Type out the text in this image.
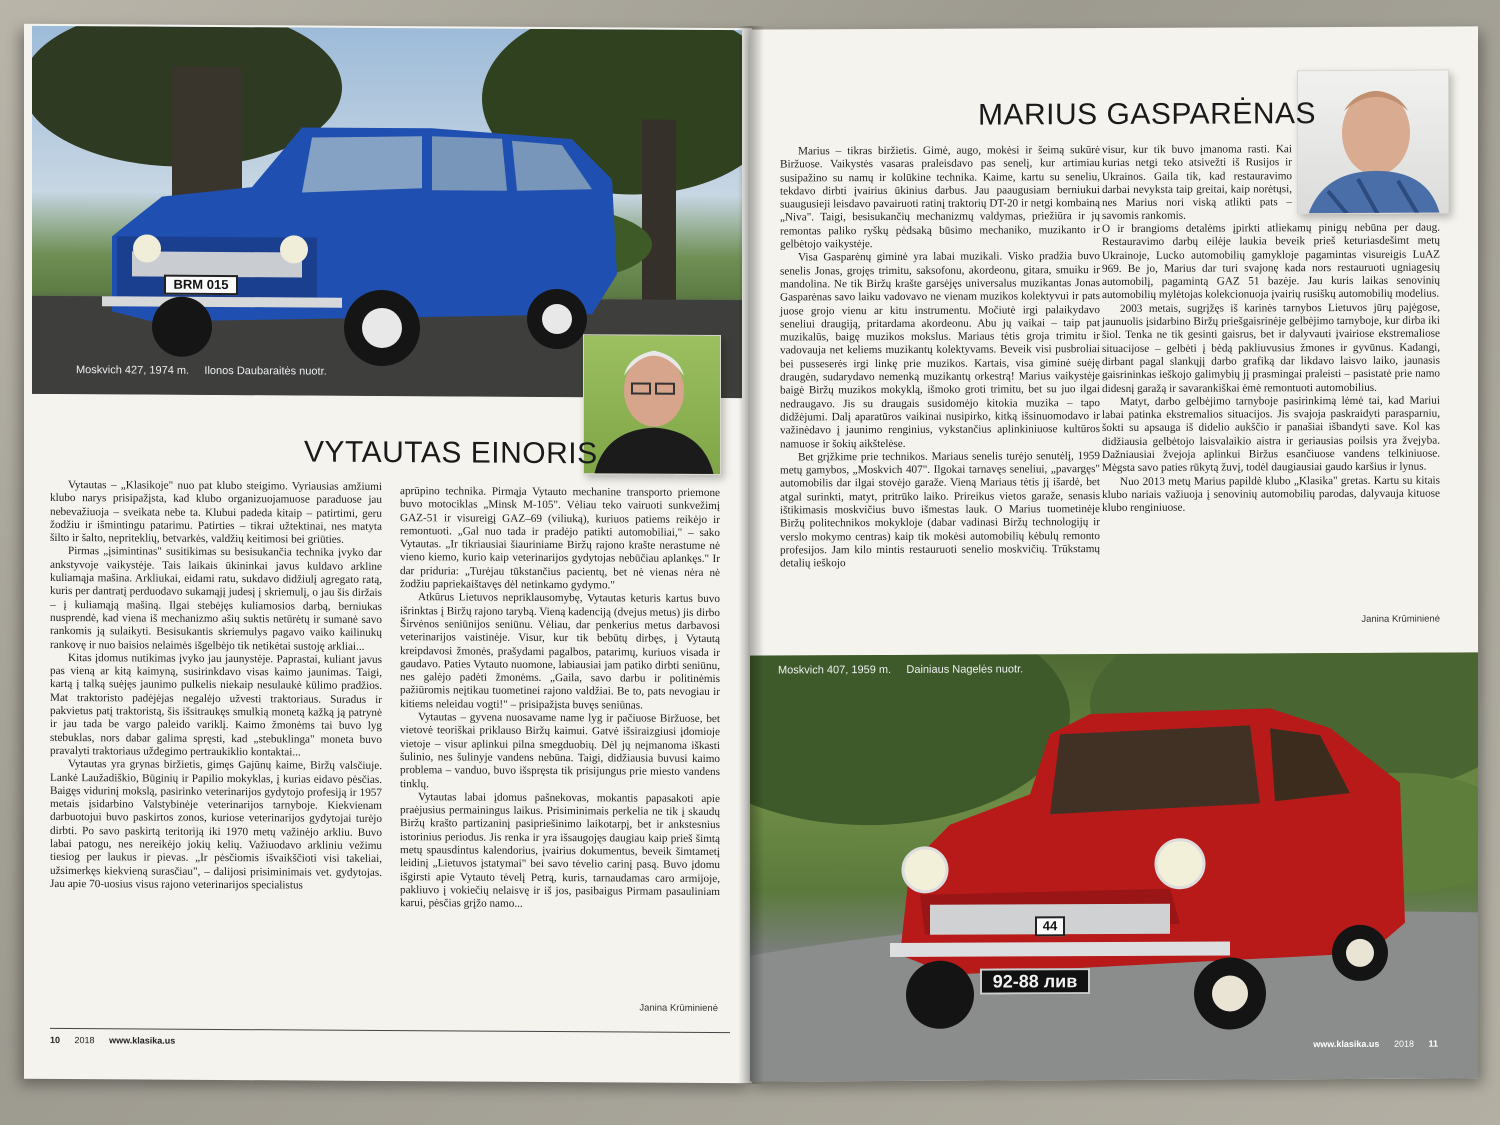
BRM 015
Moskvich 427, 1974 m. Ilonos Daubaraitės nuotr.
VYTAUTAS EINORIS

Vytautas – „Klasikoje" nuo pat klubo steigimo. Vyriausias amžiumi klubo narys prisipažįsta, kad klubo organizuojamuose paraduose jau nebevažiuoja – sveikata nebe ta. Klubui padeda kitaip – patirtimi, geru žodžiu ir išmintingu patarimu. Patirties – tikrai užtektinai, nes matyta šilto ir šalto, nepriteklių, betvarkės, valdžių keitimosi bei griūties.

Pirmas „įsimintinas" susitikimas su besisukančia technika įvyko dar ankstyvoje vaikystėje. Tais laikais ūkininkai javus kuldavo arkline kuliamąja mašina. Arkliukai, eidami ratu, sukdavo didžiulį agregato ratą, kuris per dantratį perduodavo sukamąjį judesį į skriemulį, o jau šis diržais – į kuliamąją mašiną. Ilgai stebėjęs kuliamosios darbą, berniukas nusprendė, kad viena iš mechanizmo ašių suktis netūrėtų ir sumanė savo rankomis ją sulaikyti. Besisukantis skriemulys pagavo vaiko kailinukų rankovę ir nuo baisios nelaimės išgelbėjo tik netikėtai sustoję arkliai...

Kitas įdomus nutikimas įvyko jau jaunystėje. Paprastai, kuliant javus pas vieną ar kitą kaimyną, susirinkdavo visas kaimo jaunimas. Taigi, kartą į talką suėjęs jaunimo pulkelis niekaip nesulaukė kūlimo pradžios. Mat traktoristo padėjėjas negalėjo užvesti traktoriaus. Suradus ir pakvietus patį traktoristą, šis išsitraukęs smulkią monetą kažką ją patrynė ir jau tada be vargo paleido variklį. Kaimo žmonėms tai buvo lyg stebuklas, nors dabar galima spręsti, kad „stebuklinga" moneta buvo pravalyti traktoriaus uždegimo pertraukiklio kontaktai...

Vytautas yra grynas biržietis, gimęs Gajūnų kaime, Biržų valsčiuje. Lankė Laužadiškio, Būginių ir Papilio mokyklas, į kurias eidavo pėsčias. Baigęs vidurinį mokslą, pasirinko veterinarijos gydytojo profesiją ir 1957 metais įsidarbino Valstybinėje veterinarijos tarnyboje. Kiekvienam darbuotojui buvo paskirtos zonos, kuriose veterinarijos gydytojai turėjo dirbti. Po savo paskirtą teritoriją iki 1970 metų važinėjo arkliu. Buvo labai patogu, nes nereikėjo jokių kelių. Važiuodavo arkliniu vežimu tiesiog per laukus ir pievas. „Ir pėsčiomis išvaikščioti visi takeliai, užsimerkęs kiekvieną surasčiau", – dalijosi prisiminimais vet. gydytojas. Jau apie 70-uosius visus rajono veterinarijos specialistus

aprūpino technika. Pirmąja Vytauto mechanine transporto priemone buvo motociklas „Minsk M-105". Vėliau teko vairuoti sunkvežimį GAZ-51 ir visureigį GAZ–69 (viliuką), kuriuos patiems reikėjo ir remontuoti. „Gal nuo tada ir pradėjo patikti automobiliai," – sako Vytautas. „Ir tikriausiai šiauriniame Biržų rajono krašte nerastume nė vieno kiemo, kurio kaip veterinarijos gydytojas nebūčiau aplankęs." Ir dar priduria: „Turėjau tūkstančius pacientų, bet nė vienas nėra nė žodžiu papriekaištavęs dėl netinkamo gydymo."

Atkūrus Lietuvos nepriklausomybę, Vytautas keturis kartus buvo išrinktas į Biržų rajono tarybą. Vieną kadenciją (dvejus metus) jis dirbo Širvėnos seniūnijos seniūnu. Vėliau, dar penkerius metus darbavosi veterinarijos vaistinėje. Visur, kur tik bebūtų dirbęs, į Vytautą kreipdavosi žmonės, prašydami pagalbos, patarimų, kuriuos visada ir gaudavo. Paties Vytauto nuomone, labiausiai jam patiko dirbti seniūnu, nes galėjo padėti žmonėms. „Gaila, savo darbu ir politinėmis pažiūromis neįtikau tuometinei rajono valdžiai. Be to, pats nevogiau ir kitiems neleidau vogti!" – prisipažįsta buvęs seniūnas.

Vytautas – gyvena nuosavame name lyg ir pačiuose Biržuose, bet vietovė teoriškai priklauso Biržų kaimui. Gatvė išsiraizgiusi įdomioje vietoje – visur aplinkui pilna smegduobių. Dėl jų neįmanoma iškasti šulinio, nes šulinyje vandens nebūna. Taigi, didžiausia buvusi kaimo problema – vanduo, buvo išspręsta tik prisijungus prie miesto vandens tinklų.

Vytautas labai įdomus pašnekovas, mokantis papasakoti apie praėjusius permainingus laikus. Prisiminimais perkelia ne tik į skaudų Biržų krašto partizaninį pasipriešinimo laikotarpį, bet ir ankstesnius istorinius periodus. Jis renka ir yra išsaugojęs daugiau kaip prieš šimtą metų spausdintus kalendorius, įvairius dokumentus, beveik šimtametį leidinį „Lietuvos įstatymai" bei savo tėvelio carinį pasą. Buvo įdomu išgirsti apie Vytauto tėvelį Petrą, kuris, tarnaudamas caro armijoje, pakliuvo į vokiečių nelaisvę ir iš jos, pasibaigus Pirmam pasauliniam karui, pėsčias grįžo namo...

Janina Krūminienė
10 2018 www.klasika.us
MARIUS GASPARĖNAS

Marius – tikras biržietis. Gimė, augo, mokėsi ir šeimą sukūrė Biržuose. Vaikystės vasaras praleisdavo pas senelį, kur artimiau susipažino su namų ir kolūkine technika. Kaime, kartu su seneliu, tekdavo dirbti įvairius ūkinius darbus. Jau paaugusiam berniukui suaugusieji leisdavo pavairuoti ratinį traktorių DT-20 ir netgi kombainą „Niva". Taigi, besisukančių mechanizmų valdymas, priežiūra ir jų remontas paliko ryškų pėdsaką būsimo mechaniko, muzikanto ir gelbėtojo vaikystėje.

Visa Gasparėnų giminė yra labai muzikali. Visko pradžia buvo senelis Jonas, grojęs trimitu, saksofonu, akordeonu, gitara, smuiku ir mandolina. Ne tik Biržų krašte garsėjęs universalus muzikantas Jonas Gasparėnas savo laiku vadovavo ne vienam muzikos kolektyvui ir pats juose grojo vienu ar kitu instrumentu. Močiutė irgi palaikydavo seneliui draugiją, pritardama akordeonu. Abu jų vaikai – taip pat muzikalūs, baigę muzikos mokslus. Mariaus tėtis groja trimitu ir vadovauja net keliems muzikantų kolektyvams. Beveik visi pusbroliai bei pusseserės irgi linkę prie muzikos. Kartais, visa giminė suėję draugėn, sudarydavo nemenką muzikantų orkestrą! Marius vaikystėje baigė Biržų muzikos mokyklą, išmoko groti trimitu, bet su juo ilgai nedraugavo. Jis su draugais susidomėjo kitokia muzika – tapo didžėjumi. Dalį aparatūros vaikinai nusipirko, kitką išsinuomodavo ir važinėdavo į jaunimo renginius, vykstančius aplinkiniuose kultūros namuose ir šokių aikštelėse.

Bet grįžkime prie technikos. Mariaus senelis turėjo senutėlį, 1959 metų gamybos, „Moskvich 407". Ilgokai tarnavęs seneliui, „pavargęs" automobilis dar ilgai stovėjo garaže. Vieną Mariaus tėtis jį išardė, bet atgal surinkti, matyt, pritrūko laiko. Prireikus vietos garaže, senasis ištikimasis moskvičius buvo išmestas lauk. O Marius tuometinėje Biržų politechnikos mokykloje (dabar vadinasi Biržų technologijų ir verslo mokymo centras) kaip tik mokėsi automobilių kėbulų remonto profesijos. Jam kilo mintis restauruoti senelio moskvičių. Trūkstamų detalių ieškojo

visur, kur tik buvo įmanoma rasti. Kai kurias netgi teko atsivežti iš Rusijos ir Ukrainos. Gaila tik, kad restauravimo darbai nevyksta taip greitai, kaip norėtųsi, nes Marius nori viską atlikti pats – savomis rankomis.

O ir brangioms detalėms įpirkti atliekamų pinigų nebūna per daug. Restauravimo darbų eilėje laukia beveik prieš keturiasdešimt metų Ukrainoje, Lucko automobilių gamykloje pagamintas visureigis LuAZ 969. Be jo, Marius dar turi svajonę kada nors restauruoti ugniagesių automobilį, pagamintą GAZ 51 bazėje. Jau kuris laikas senovinių automobilių mylėtojas kolekcionuoja įvairių rusiškų automobilių modelius.

2003 metais, sugrįžęs iš karinės tarnybos Lietuvos jūrų pajėgose, jaunuolis įsidarbino Biržų priešgaisrinėje gelbėjimo tarnyboje, kur dirba iki šiol. Tenka ne tik gesinti gaisrus, bet ir dalyvauti įvairiose ekstremaliose situacijose – gelbėti į bėdą pakliuvusius žmones ir gyvūnus. Kadangi, dirbant pagal slankųjį darbo grafiką dar likdavo laisvo laiko, jaunasis gaisrininkas ieškojo galimybių jį prasmingai praleisti – pasistatė prie namo didesnį garažą ir savarankiškai ėmė remontuoti automobilius.

Matyt, darbo gelbėjimo tarnyboje pasirinkimą lėmė tai, kad Mariui labai patinka ekstremalios situacijos. Jis svajoja paskraidyti parasparniu, šokti su apsauga iš didelio aukščio ir panašiai išbandyti save. Kol kas didžiausia gelbėtojo laisvalaikio aistra ir geriausias poilsis yra žvejyba. Dažniausiai žvejoja aplinkui Biržus esančiuose vandens telkiniuose. Mėgsta savo paties rūkytą žuvį, todėl daugiausiai gaudo karšius ir lynus.

Nuo 2013 metų Marius papildė klubo „Klasika" gretas. Kartu su kitais klubo nariais važiuoja į senovinių automobilių parodas, dalyvauja kituose klubo renginiuose.

Janina Krūminienė
92-88 лив
44
Moskvich 407, 1959 m. Dainiaus Nagelės nuotr.
www.klasika.us 2018 11
